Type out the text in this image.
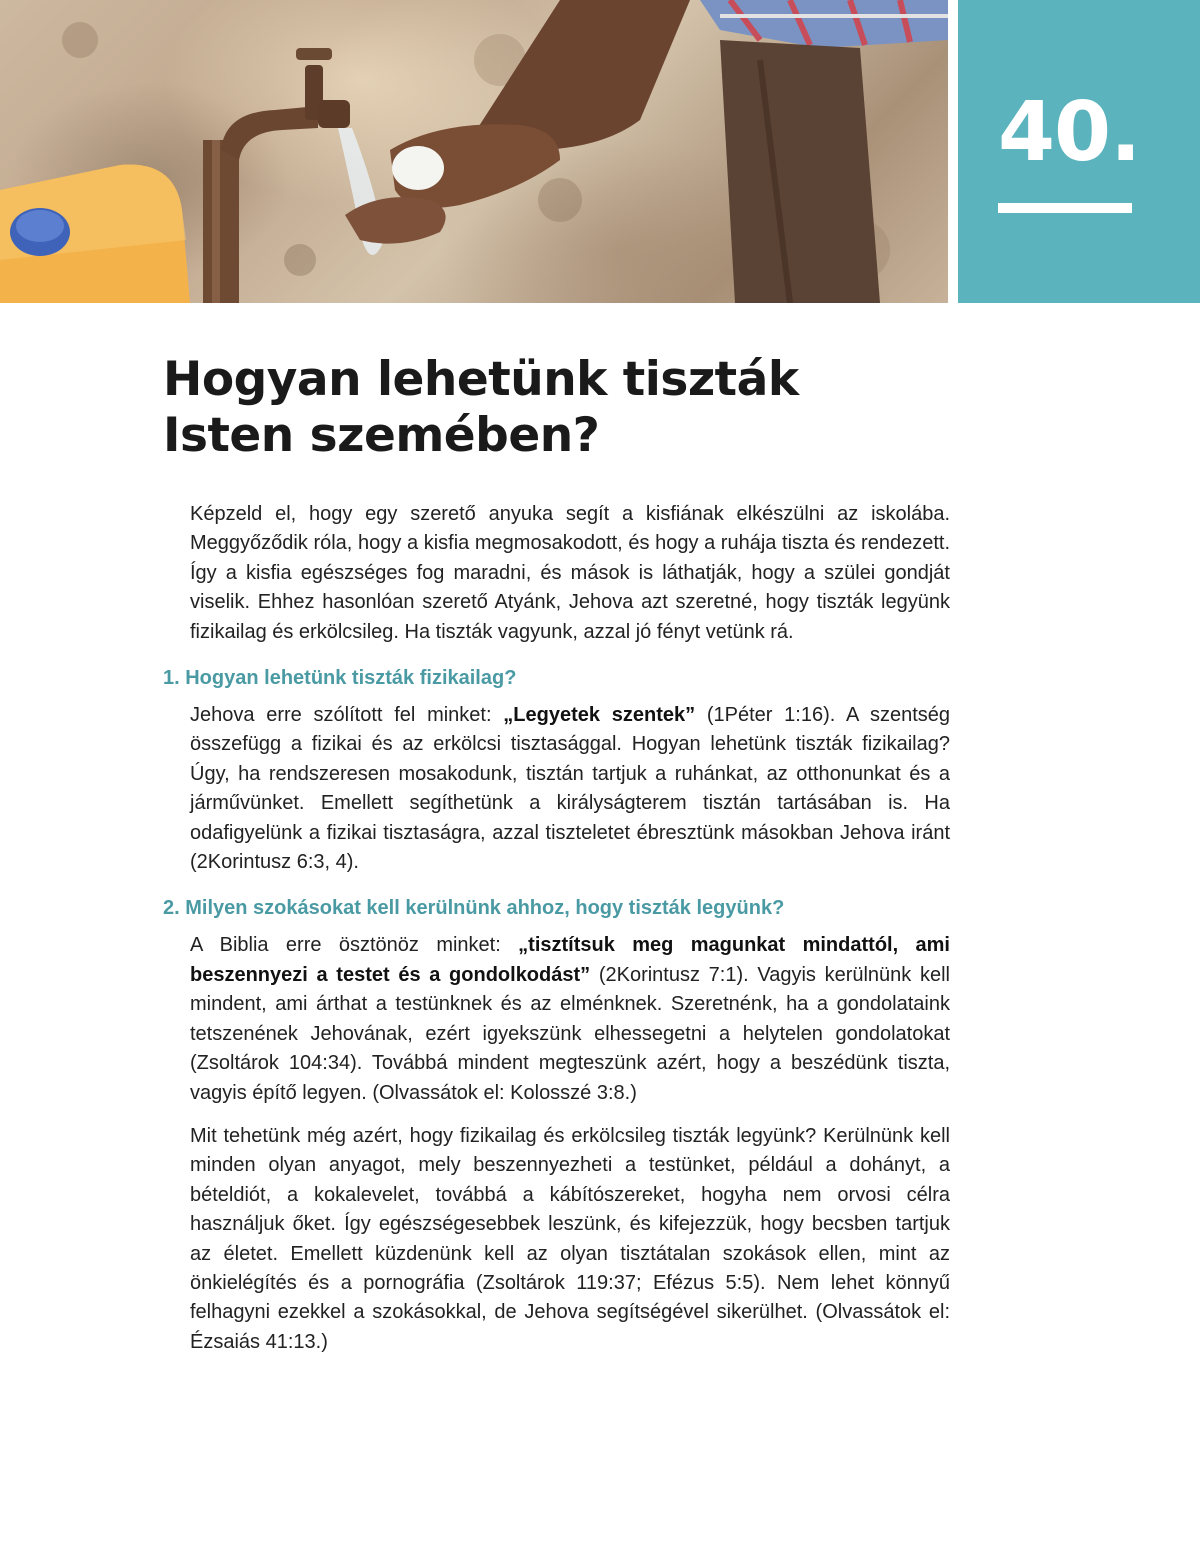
40.
Hogyan lehetünk tiszták
Isten szemében?

Képzeld el, hogy egy szerető anyuka segít a kisfiának elkészülni az iskolába. Meggyőződik róla, hogy a kisfia megmosakodott, és hogy a ruhája tiszta és rendezett. Így a kisfia egészséges fog maradni, és mások is láthatják, hogy a szülei gondját viselik. Ehhez hasonlóan szerető Atyánk, Jehova azt szeretné, hogy tiszták legyünk fizikailag és erkölcsileg. Ha tiszták vagyunk, azzal jó fényt vetünk rá.

1. Hogyan lehetünk tiszták fizikailag?

Jehova erre szólított fel minket: „Legyetek szentek” (1Péter 1:16). A szentség összefügg a fizikai és az erkölcsi tisztasággal. Hogyan lehetünk tiszták fizikailag? Úgy, ha rendszeresen mosakodunk, tisztán tartjuk a ruhánkat, az otthonunkat és a járművünket. Emellett segíthetünk a királyságterem tisztán tartásában is. Ha odafigyelünk a fizikai tisztaságra, azzal tiszteletet ébresztünk másokban Jehova iránt (2Korintusz 6:3, 4).

2. Milyen szokásokat kell kerülnünk ahhoz, hogy tiszták legyünk?

A Biblia erre ösztönöz minket: „tisztítsuk meg magunkat mindattól, ami beszennyezi a testet és a gondolkodást” (2Korintusz 7:1). Vagyis kerülnünk kell mindent, ami árthat a testünknek és az elménknek. Szeretnénk, ha a gondolataink tetszenének Jehovának, ezért igyekszünk elhessegetni a helytelen gondolatokat (Zsoltárok 104:34). Továbbá mindent megteszünk azért, hogy a beszédünk tiszta, vagyis építő legyen. (Olvassátok el: Kolosszé 3:8.)

Mit tehetünk még azért, hogy fizikailag és erkölcsileg tiszták legyünk? Kerülnünk kell minden olyan anyagot, mely beszennyezheti a testünket, például a dohányt, a bételdiót, a kokalevelet, továbbá a kábítószereket, hogyha nem orvosi célra használjuk őket. Így egészségesebbek leszünk, és kifejezzük, hogy becsben tartjuk az életet. Emellett küzdenünk kell az olyan tisztátalan szokások ellen, mint az önkielégítés és a pornográfia (Zsoltárok 119:37; Efézus 5:5). Nem lehet könnyű felhagyni ezekkel a szokásokkal, de Jehova segítségével sikerülhet. (Olvassátok el: Ézsaiás 41:13.)
